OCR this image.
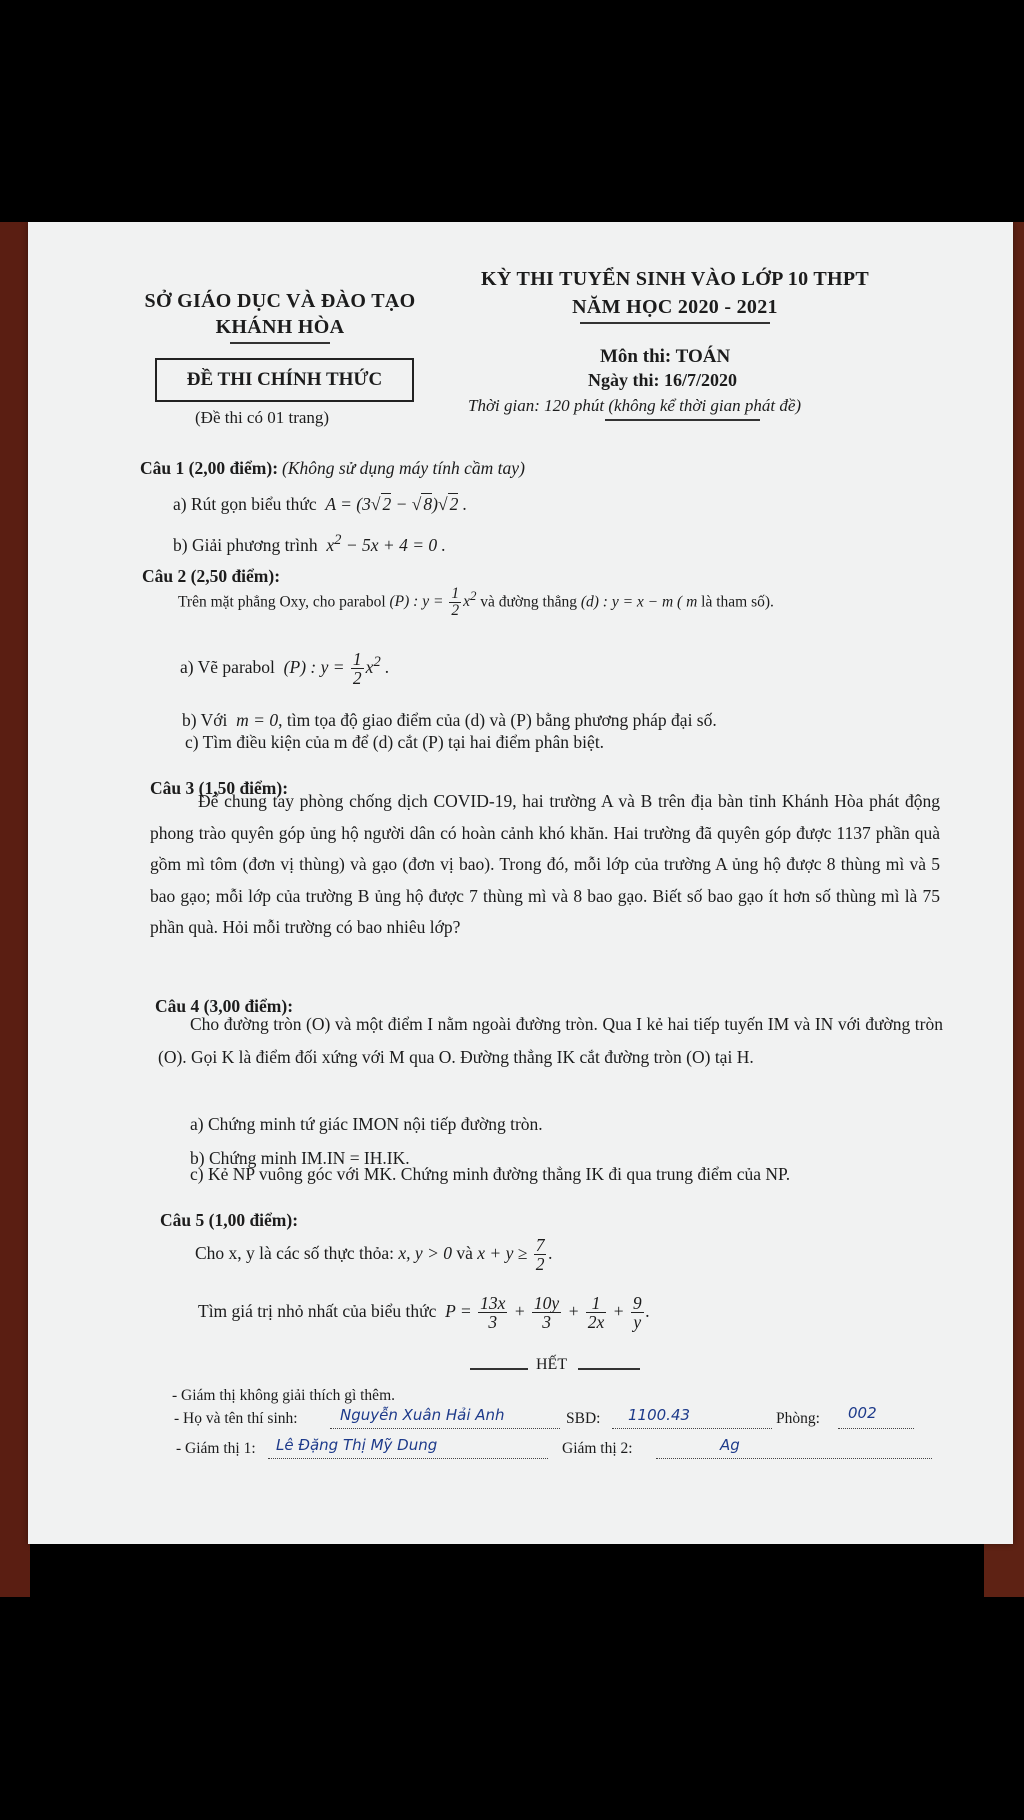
SỞ GIÁO DỤC VÀ ĐÀO TẠO
KHÁNH HÒA
KỲ THI TUYỂN SINH VÀO LỚP 10 THPT
NĂM HỌC 2020 - 2021
ĐỀ THI CHÍNH THỨC
(Đề thi có 01 trang)
Môn thi: TOÁN
Ngày thi: 16/7/2020
Thời gian: 120 phút (không kể thời gian phát đề)
Câu 1 (2,00 điểm): (Không sử dụng máy tính cầm tay)
a) Rút gọn biểu thức  A = (3√ 2 − √ 8)√ 2 .
b) Giải phương trình  $x^2 - 5x + 4 = 0$ .
Câu 2 (2,50 điểm):
Trên mặt phẳng Oxy, cho parabol (P) : $y = \frac{1}{2} x^2$ và đường thẳng (d) : y = x − m ( m là tham số).
a) Vẽ parabol  (P) : $y = \frac{1}{2} x^2$ .
b) Với  m = 0, tìm tọa độ giao điểm của (d) và (P) bằng phương pháp đại số.
c) Tìm điều kiện của m để (d) cắt (P) tại hai điểm phân biệt.
Câu 3 (1,50 điểm):
Để chung tay phòng chống dịch COVID-19, hai trường A và B trên địa bàn tỉnh Khánh Hòa phát động phong trào quyên góp ủng hộ người dân có hoàn cảnh khó khăn. Hai trường đã quyên góp được 1137 phần quà gồm mì tôm (đơn vị thùng) và gạo (đơn vị bao). Trong đó, mỗi lớp của trường A ủng hộ được 8 thùng mì và 5 bao gạo; mỗi lớp của trường B ủng hộ được 7 thùng mì và 8 bao gạo. Biết số bao gạo ít hơn số thùng mì là 75 phần quà. Hỏi mỗi trường có bao nhiêu lớp?
Câu 4 (3,00 điểm):
Cho đường tròn (O) và một điểm I nằm ngoài đường tròn. Qua I kẻ hai tiếp tuyến IM và IN với đường tròn (O). Gọi K là điểm đối xứng với M qua O. Đường thẳng IK cắt đường tròn (O) tại H.
a) Chứng minh tứ giác IMON nội tiếp đường tròn.
b) Chứng minh IM.IN = IH.IK.
c) Kẻ NP vuông góc với MK. Chứng minh đường thẳng IK đi qua trung điểm của NP.
Câu 5 (1,00 điểm):
Cho x, y là các số thực thỏa: x, y > 0 và $x + y \ge \frac{7}{2}$ .
Tìm giá trị nhỏ nhất của biểu thức  $P = \frac{13x}{3} + \frac{10y}{3} + \frac{1}{2x} + \frac{9}{y}$ .
HẾT
- Giám thị không giải thích gì thêm.
- Họ và tên thí sinh:	Nguyễn Xuân Hải Anh	SBD: 1100.43	Phòng: 002
- Giám thị 1: Lê Đặng Thị Mỹ Dung	Giám thị 2:	Ag
